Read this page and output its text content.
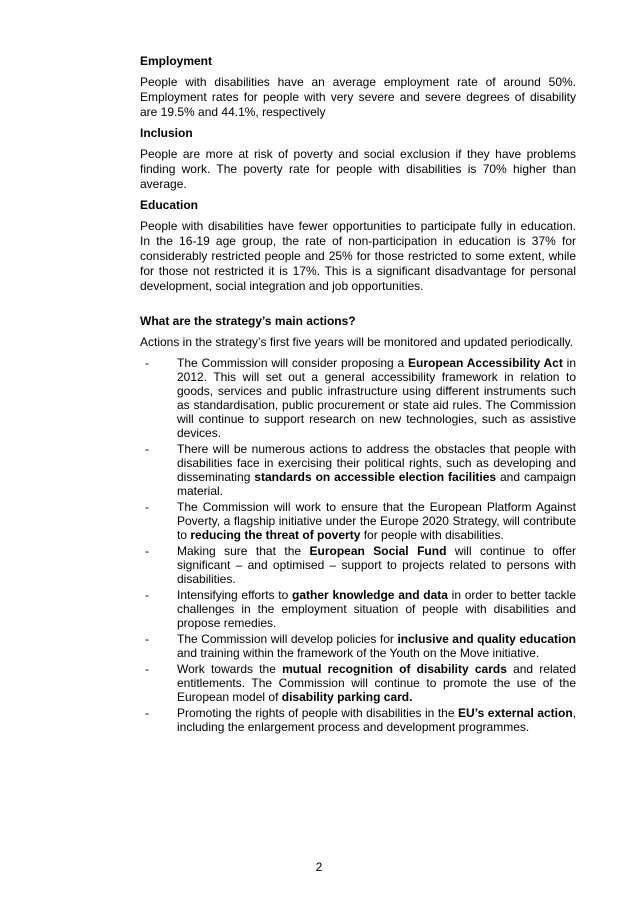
Employment
People with disabilities have an average employment rate of around 50%. Employment rates for people with very severe and severe degrees of disability are 19.5% and 44.1%, respectively
Inclusion
People are more at risk of poverty and social exclusion if they have problems finding work. The poverty rate for people with disabilities is 70% higher than average.
Education
People with disabilities have fewer opportunities to participate fully in education. In the 16-19 age group, the rate of non-participation in education is 37% for considerably restricted people and 25% for those restricted to some extent, while for those not restricted it is 17%. This is a significant disadvantage for personal development, social integration and job opportunities.
What are the strategy’s main actions?
Actions in the strategy’s first five years will be monitored and updated periodically.
- The Commission will consider proposing a European Accessibility Act in 2012. This will set out a general accessibility framework in relation to goods, services and public infrastructure using different instruments such as standardisation, public procurement or state aid rules. The Commission will continue to support research on new technologies, such as assistive devices.
- There will be numerous actions to address the obstacles that people with disabilities face in exercising their political rights, such as developing and disseminating standards on accessible election facilities and campaign material.
- The Commission will work to ensure that the European Platform Against Poverty, a flagship initiative under the Europe 2020 Strategy, will contribute to reducing the threat of poverty for people with disabilities.
- Making sure that the European Social Fund will continue to offer significant – and optimised – support to projects related to persons with disabilities.
- Intensifying efforts to gather knowledge and data in order to better tackle challenges in the employment situation of people with disabilities and propose remedies.
- The Commission will develop policies for inclusive and quality education and training within the framework of the Youth on the Move initiative.
- Work towards the mutual recognition of disability cards and related entitlements. The Commission will continue to promote the use of the European model of disability parking card.
- Promoting the rights of people with disabilities in the EU’s external action, including the enlargement process and development programmes.
2
